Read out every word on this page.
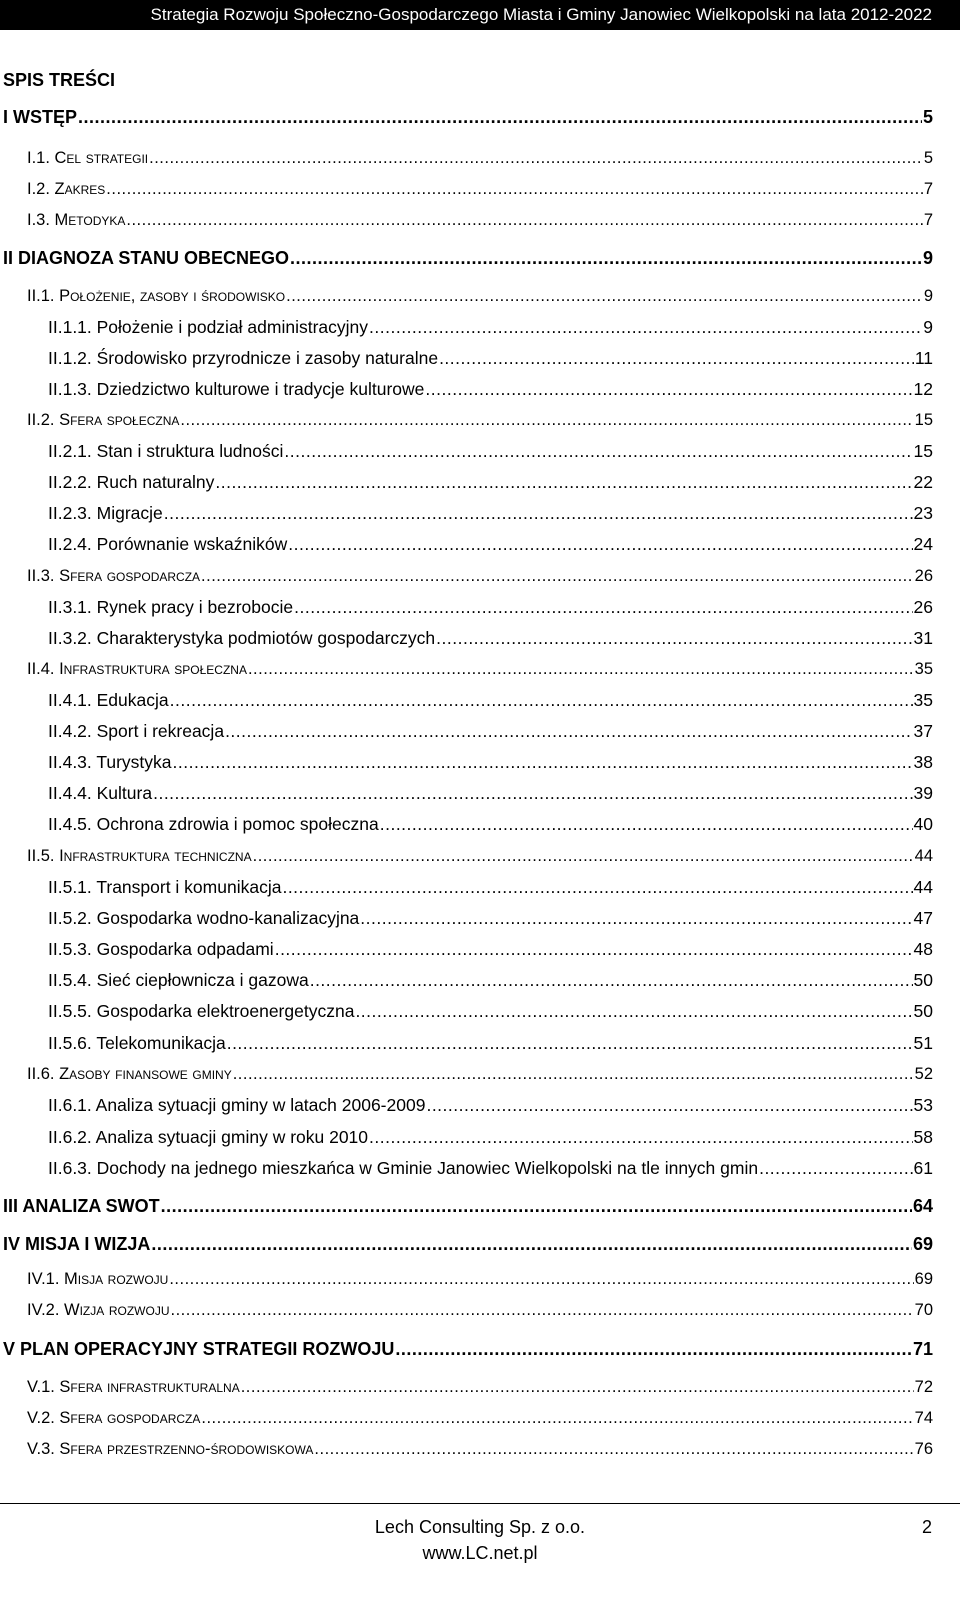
Strategia Rozwoju Społeczno-Gospodarczego Miasta i Gminy Janowiec Wielkopolski na lata 2012-2022
SPIS TREŚCI
I WSTĘP .....	5
I.1. Cel strategii .....	5
I.2. Zakres .....	7
I.3. Metodyka .....	7
II DIAGNOZA STANU OBECNEGO .....	9
II.1. Położenie, zasoby i środowisko .....	9
II.1.1. Położenie i podział administracyjny .....	9
II.1.2. Środowisko przyrodnicze i zasoby naturalne .....	11
II.1.3. Dziedzictwo kulturowe i tradycje kulturowe .....	12
II.2. Sfera społeczna .....	15
II.2.1. Stan i struktura ludności .....	15
II.2.2. Ruch naturalny .....	22
II.2.3. Migracje .....	23
II.2.4. Porównanie wskaźników .....	24
II.3. Sfera gospodarcza .....	26
II.3.1. Rynek pracy i bezrobocie .....	26
II.3.2. Charakterystyka podmiotów gospodarczych .....	31
II.4. Infrastruktura społeczna .....	35
II.4.1. Edukacja .....	35
II.4.2. Sport i rekreacja .....	37
II.4.3. Turystyka .....	38
II.4.4. Kultura .....	39
II.4.5. Ochrona zdrowia i pomoc społeczna .....	40
II.5. Infrastruktura techniczna .....	44
II.5.1. Transport i komunikacja .....	44
II.5.2. Gospodarka wodno-kanalizacyjna .....	47
II.5.3. Gospodarka odpadami .....	48
II.5.4. Sieć ciepłownicza i gazowa .....	50
II.5.5. Gospodarka elektroenergetyczna .....	50
II.5.6. Telekomunikacja .....	51
II.6. Zasoby finansowe gminy .....	52
II.6.1. Analiza sytuacji gminy w latach 2006-2009 .....	53
II.6.2. Analiza sytuacji gminy w roku 2010 .....	58
II.6.3. Dochody na jednego mieszkańca w Gminie Janowiec Wielkopolski na tle innych gmin .....	61
III ANALIZA SWOT .....	64
IV MISJA I WIZJA .....	69
IV.1. Misja rozwoju .....	69
IV.2. Wizja rozwoju .....	70
V PLAN OPERACYJNY STRATEGII ROZWOJU .....	71
V.1. Sfera infrastrukturalna .....	72
V.2. Sfera gospodarcza .....	74
V.3. Sfera przestrzenno-środowiskowa .....	76
Lech Consulting Sp. z o.o.
www.LC.net.pl
2
